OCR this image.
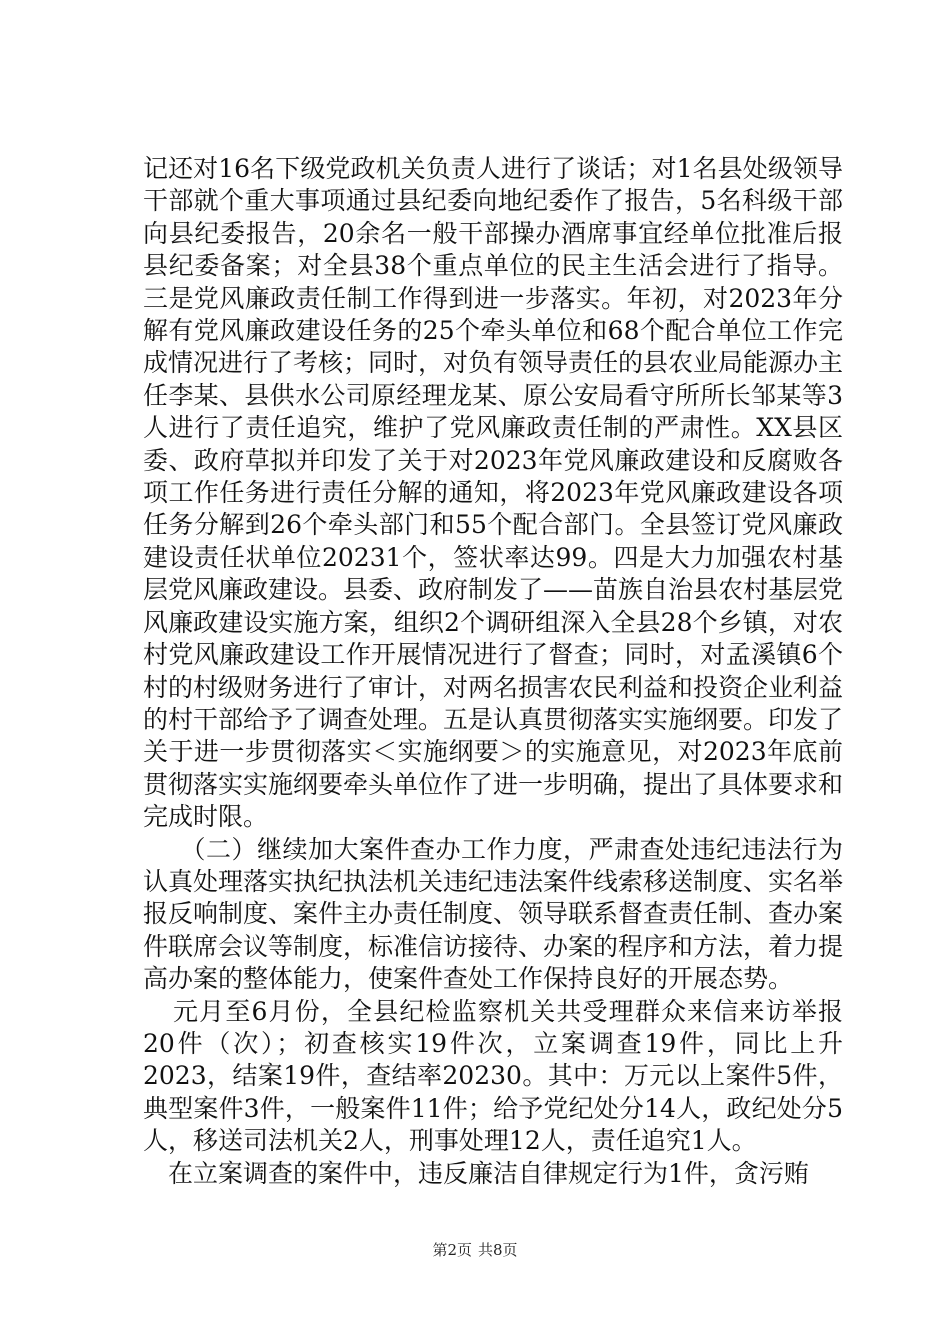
记还对16名下级党政机关负责人进行了谈话；对1名县处级领导干部就个重大事项通过县纪委向地纪委作了报告，5名科级干部向县纪委报告，20余名一般干部操办酒席事宜经单位批准后报县纪委备案；对全县38个重点单位的民主生活会进行了指导。三是党风廉政责任制工作得到进一步落实。年初，对2023年分解有党风廉政建设任务的25个牵头单位和68个配合单位工作完成情况进行了考核；同时，对负有领导责任的县农业局能源办主任李某、县供水公司原经理龙某、原公安局看守所所长邹某等3人进行了责任追究，维护了党风廉政责任制的严肃性。XX县区委、政府草拟并印发了关于对2023年党风廉政建设和反腐败各项工作任务进行责任分解的通知，将2023年党风廉政建设各项任务分解到26个牵头部门和55个配合部门。全县签订党风廉政建设责任状单位20231个，签状率达99。四是大力加强农村基层党风廉政建设。县委、政府制发了——苗族自治县农村基层党风廉政建设实施方案，组织2个调研组深入全县28个乡镇，对农村党风廉政建设工作开展情况进行了督查；同时，对孟溪镇6个村的村级财务进行了审计，对两名损害农民利益和投资企业利益的村干部给予了调查处理。五是认真贯彻落实实施纲要。印发了关于进一步贯彻落实＜实施纲要＞的实施意见，对2023年底前贯彻落实实施纲要牵头单位作了进一步明确，提出了具体要求和完成时限。

（二）继续加大案件查办工作力度，严肃查处违纪违法行为认真处理落实执纪执法机关违纪违法案件线索移送制度、实名举报反响制度、案件主办责任制度、领导联系督查责任制、查办案件联席会议等制度，标准信访接待、办案的程序和方法，着力提高办案的整体能力，使案件查处工作保持良好的开展态势。

元月至6月份，全县纪检监察机关共受理群众来信来访举报20件（次）；初查核实19件次，立案调查19件，同比上升2023，结案19件，查结率20230。其中：万元以上案件5件，典型案件3件，一般案件11件；给予党纪处分14人，政纪处分5人，移送司法机关2人，刑事处理12人，责任追究1人。

在立案调查的案件中，违反廉洁自律规定行为1件，贪污贿

第2页 共8页
